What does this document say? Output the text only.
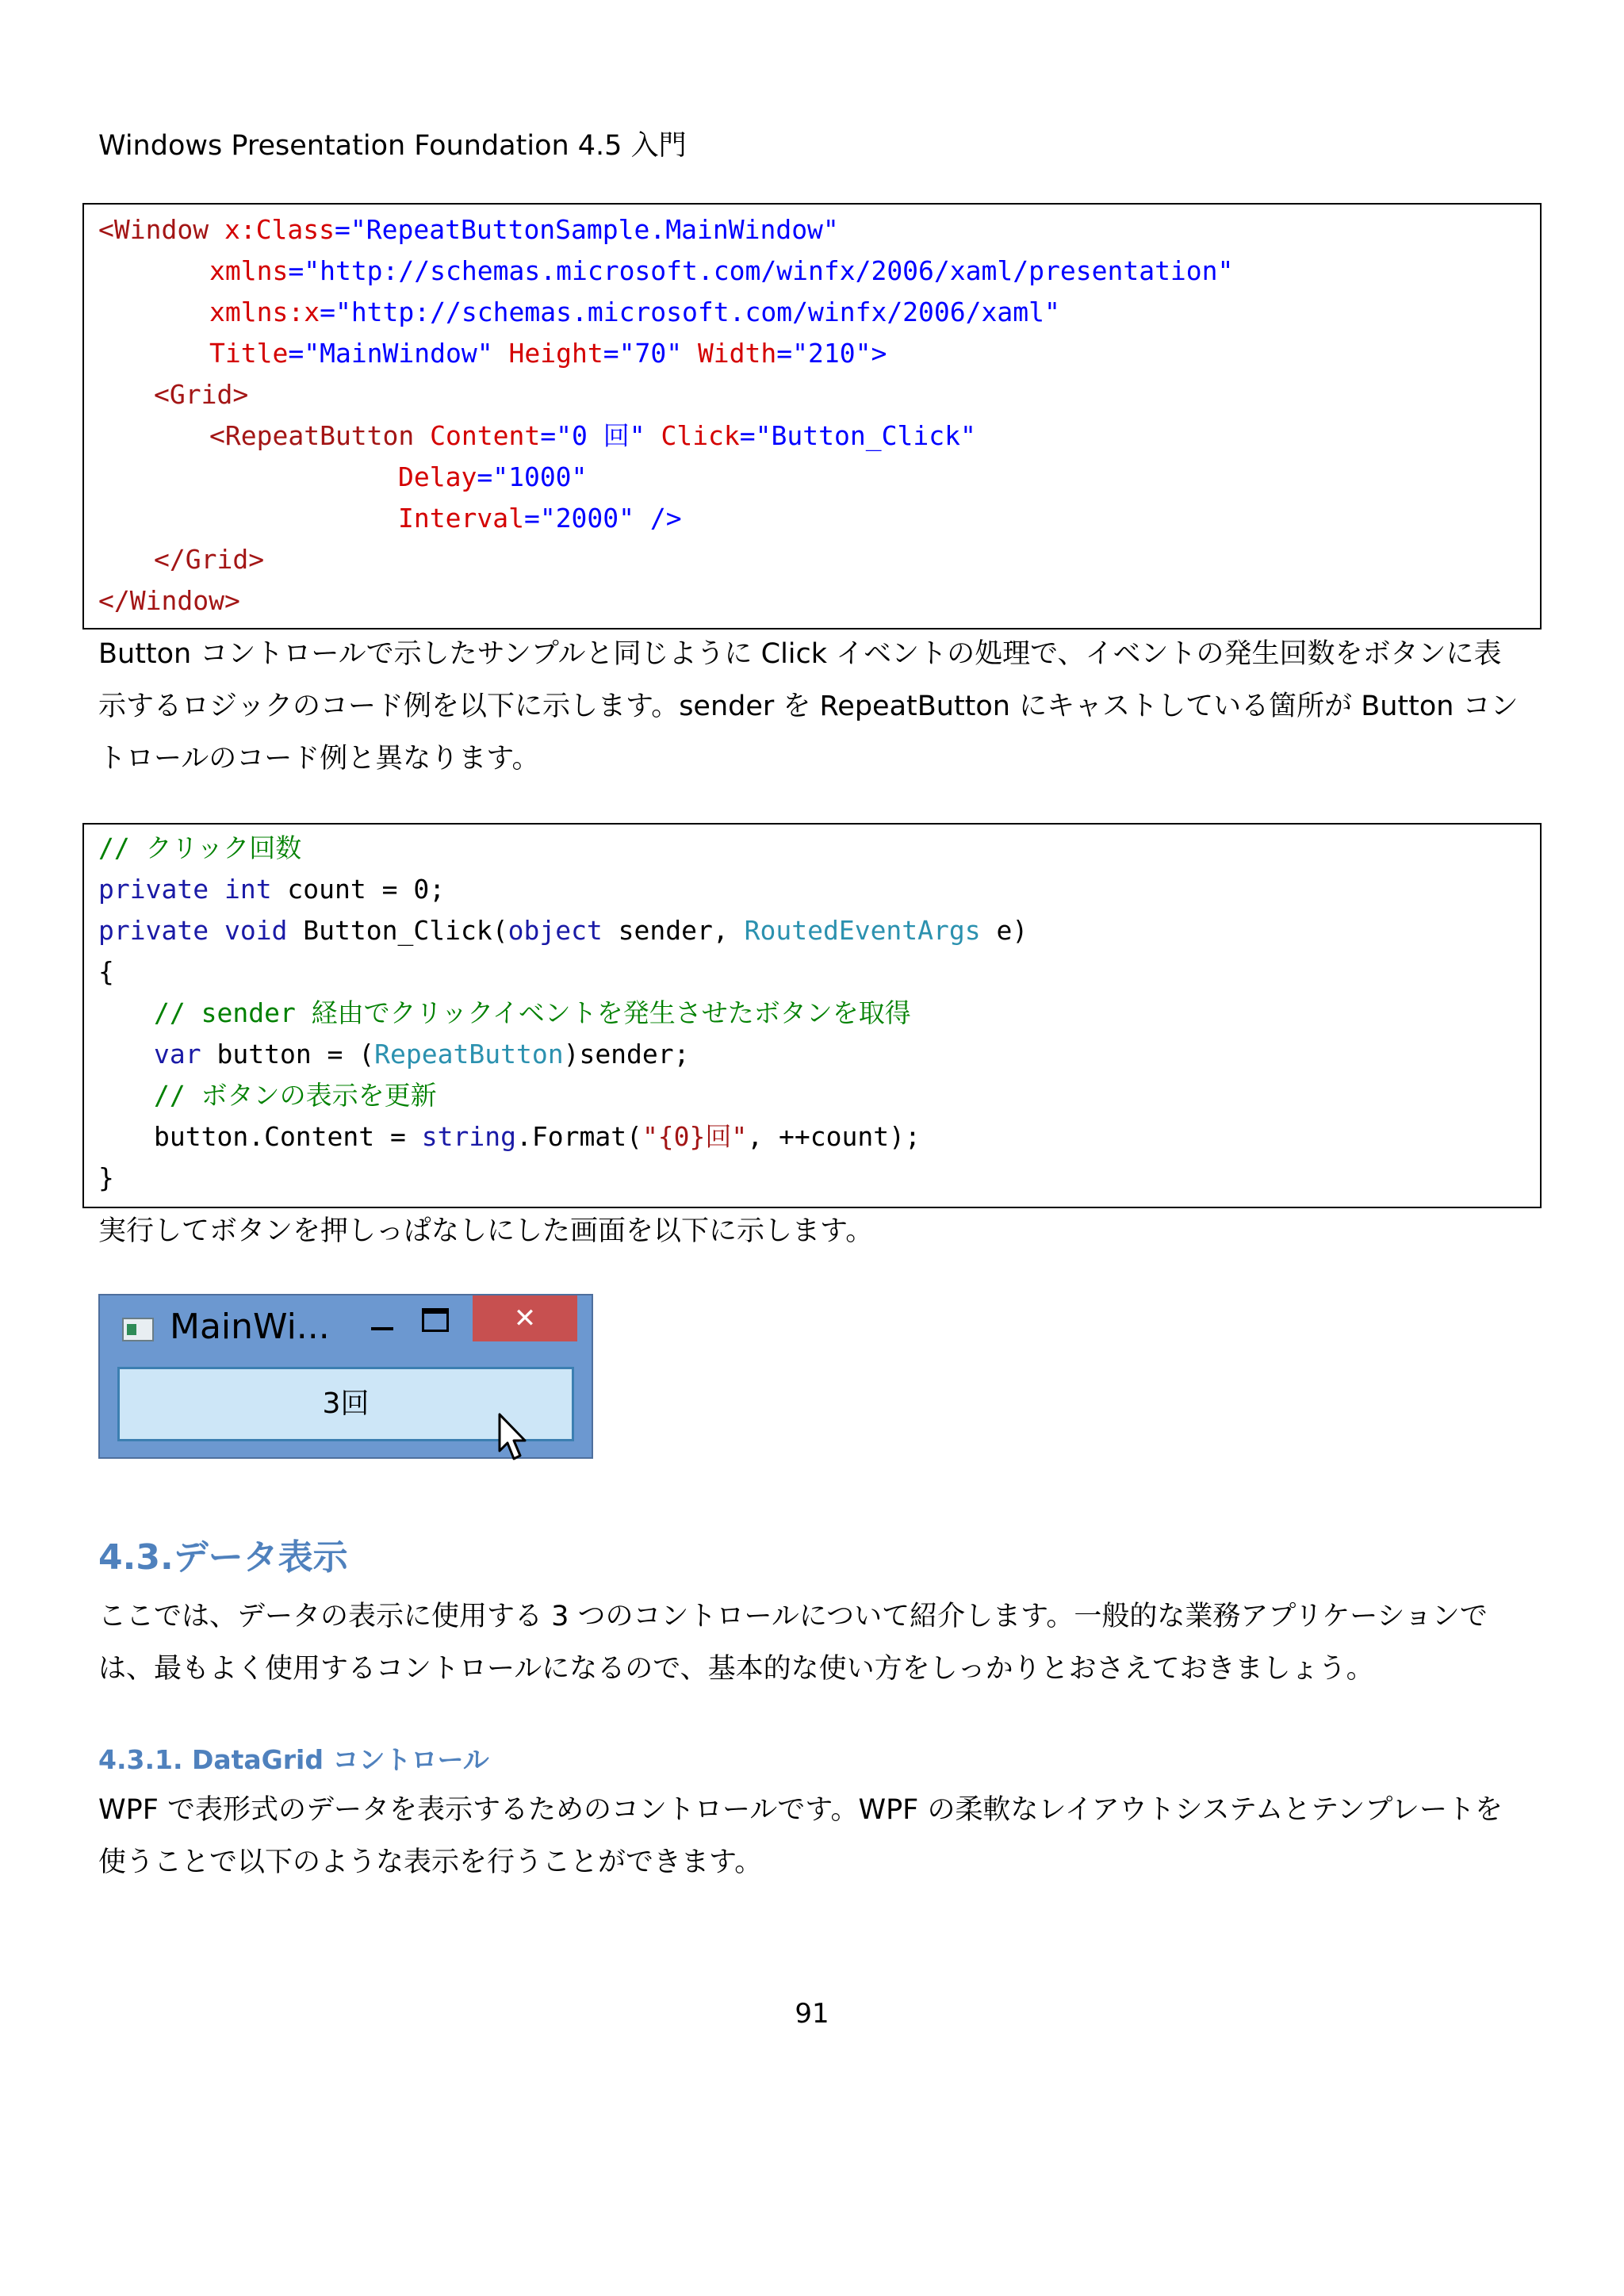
Windows Presentation Foundation 4.5 入門
<Window x:Class="RepeatButtonSample.MainWindow"
xmlns="http://schemas.microsoft.com/winfx/2006/xaml/presentation"
xmlns:x="http://schemas.microsoft.com/winfx/2006/xaml"
Title="MainWindow" Height="70" Width="210">
<Grid>
<RepeatButton Content="0 回" Click="Button_Click"
Delay="1000"
Interval="2000" />
</Grid>
</Window>
Button コントロールで示したサンプルと同じように Click イベントの処理で、イベントの発生回数をボタンに表示するロジックのコード例を以下に示します。sender を RepeatButton にキャストしている箇所が Button コントロールのコード例と異なります。
// クリック回数
private int count = 0;
private void Button_Click(object sender, RoutedEventArgs e)
{
// sender 経由でクリックイベントを発生させたボタンを取得
var button = (RepeatButton)sender;
// ボタンの表示を更新
button.Content = string.Format("{0}回", ++count);
}
実行してボタンを押しっぱなしにした画面を以下に示します。
MainWi...	✕
3回
4.3.データ表示
ここでは、データの表示に使用する 3 つのコントロールについて紹介します。一般的な業務アプリケーションでは、最もよく使用するコントロールになるので、基本的な使い方をしっかりとおさえておきましょう。
4.3.1. DataGrid コントロール
WPF で表形式のデータを表示するためのコントロールです。WPF の柔軟なレイアウトシステムとテンプレートを使うことで以下のような表示を行うことができます。
91
